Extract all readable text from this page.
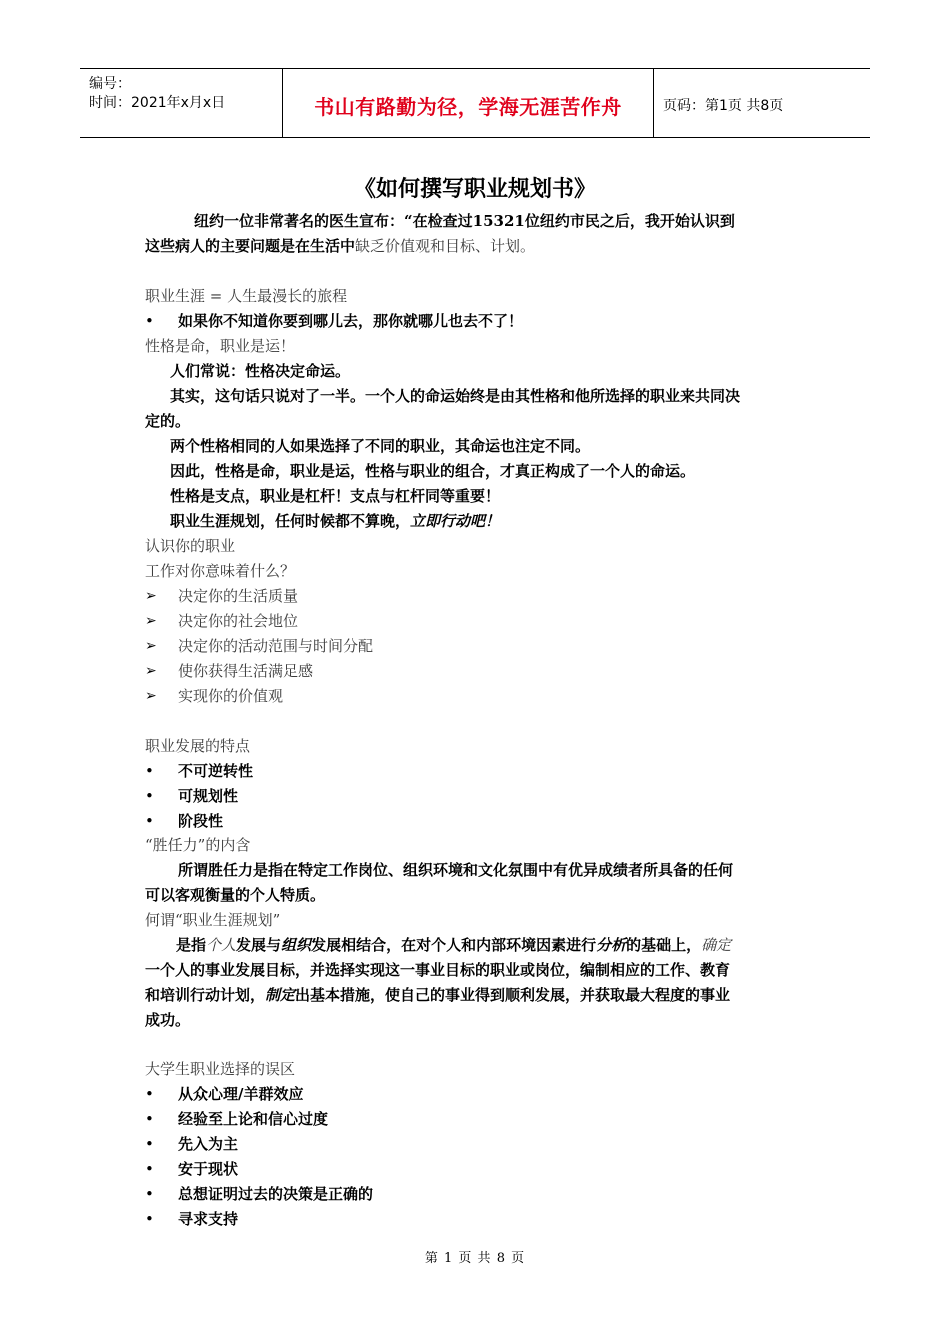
编号：
时间：2021年x月x日	书山有路勤为径，学海无涯苦作舟	页码：第1页 共8页
《如何撰写职业规划书》
纽约一位非常著名的医生宣布：“在检查过15321位纽约市民之后，我开始认识到
这些病人的主要问题是在生活中缺乏价值观和目标、计划。
职业生涯 = 人生最漫长的旅程
• 如果你不知道你要到哪儿去，那你就哪儿也去不了！
性格是命，职业是运！
人们常说：性格决定命运。
其实，这句话只说对了一半。一个人的命运始终是由其性格和他所选择的职业来共同决
定的。
两个性格相同的人如果选择了不同的职业，其命运也注定不同。
因此，性格是命，职业是运，性格与职业的组合，才真正构成了一个人的命运。
性格是支点，职业是杠杆！支点与杠杆同等重要！
职业生涯规划，任何时候都不算晚，立即行动吧！
认识你的职业
工作对你意味着什么？
➢ 决定你的生活质量
➢ 决定你的社会地位
➢ 决定你的活动范围与时间分配
➢ 使你获得生活满足感
➢ 实现你的价值观
职业发展的特点
• 不可逆转性
• 可规划性
• 阶段性
“胜任力”的内含
所谓胜任力是指在特定工作岗位、组织环境和文化氛围中有优异成绩者所具备的任何
可以客观衡量的个人特质。
何谓“职业生涯规划”
是指个人发展与组织发展相结合，在对个人和内部环境因素进行分析的基础上，确定
一个人的事业发展目标，并选择实现这一事业目标的职业或岗位，编制相应的工作、教育
和培训行动计划，制定出基本措施，使自己的事业得到顺利发展，并获取最大程度的事业
成功。
大学生职业选择的误区
• 从众心理/羊群效应
• 经验至上论和信心过度
• 先入为主
• 安于现状
• 总想证明过去的决策是正确的
• 寻求支持
第 1 页 共 8 页
